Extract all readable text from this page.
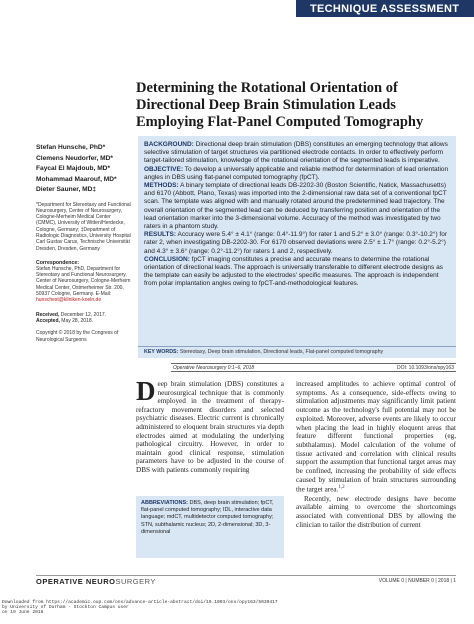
TECHNIQUE ASSESSMENT
Determining the Rotational Orientation of Directional Deep Brain Stimulation Leads Employing Flat-Panel Computed Tomography
Stefan Hunsche, PhD*
Clemens Neudorfer, MD*
Faycal El Majdoub, MD*
Mohammad Maarouf, MD*
Dieter Sauner, MD‡
*Department for Stereotaxy and Functional Neurosurgery, Center of Neurosurgery, Cologne-Merheim Medical Center (CMMC), University of Witten/Herdecke, Cologne, Germany; ‡Department of Radiologic Diagnostics, University Hospital Carl Gustav Carus, Technische Universität Dresden, Dresden, Germany
Correspondence:
Stefan Hunsche, PhD, Department for Stereotaxy and Functional Neurosurgery, Center of Neurosurgery, Cologne-Merheim Medical Center, Ostmerheimer Str. 200, 50937 Cologne, Germany. E-Mail: hunschest@kliniken-koeln.de
Received, December 12, 2017.
Accepted, May 28, 2018.
Copyright © 2018 by the Congress of Neurological Surgeons

BACKGROUND: Directional deep brain stimulation (DBS) constitutes an emerging technology that allows selective stimulation of target structures via partitioned electrode contacts. In order to effectively perform target-tailored stimulation, knowledge of the rotational orientation of the segmented leads is imperative.

OBJECTIVE: To develop a universally applicable and reliable method for determination of lead orientation angles in DBS using flat-panel computed tomography (fpCT).

METHODS: A binary template of directional leads DB-2202-30 (Boston Scientific, Natick, Massachusetts) and 6170 (Abbott, Plano, Texas) was imported into the 2-dimensional raw data set of a conventional fpCT scan. The template was aligned with and manually rotated around the predetermined lead trajectory. The overall orientation of the segmented lead can be deduced by transferring position and orientation of the lead orientation marker into the 3-dimensional volume. Accuracy of the method was investigated by two raters in a phantom study.

RESULTS: Accuracy were 5.4° ± 4.1° (range: 0.4°-11.9°) for rater 1 and 5.2° ± 3.0° (range: 0.3°-10.2°) for rater 2, when investigating DB-2202-30. For 6170 observed deviations were 2.5° ± 1.7° (range: 0.2°-5.2°) and 4.3° ± 3.6° (range: 0.2°-11.2°) for raters 1 and 2, respectively.

CONCLUSION: fpCT imaging constitutes a precise and accurate means to determine the rotational orientation of directional leads. The approach is universally transferable to different electrode designs as the template can easily be adjusted to the electrodes' specific measures. The approach is independent from polar implantation angles owing to fpCT-and-methodological features.

KEY WORDS: Stereotaxy, Deep brain stimulation, Directional leads, Flat-panel computed tomography
Operative Neurosurgery 0:1–6, 2018	DOI: 10.1093/ons/opy163
Deep brain stimulation (DBS) constitutes a neurosurgical technique that is commonly employed in the treatment of therapy-refractory movement disorders and selected psychiatric diseases. Electric current is chronically administered to eloquent brain structures via depth electrodes aimed at modulating the underlying pathological circuitry. However, in order to maintain good clinical response, stimulation parameters have to be adjusted in the course of DBS with patients commonly requiring
ABBREVIATIONS: DBS, deep brain stimulation; fpCT, flat-panel computed tomography; IDL, interactive data language; mdCT, multidetector computed tomography; STN, subthalamic nucleus; 2D, 2-dimensional; 3D, 3-dimensional
increased amplitudes to achieve optimal control of symptoms. As a consequence, side-effects owing to stimulation adjustments may significantly limit patient outcome as the technology's full potential may not be exploited. Moreover, adverse events are likely to occur when placing the lead in highly eloquent areas that feature different functional properties (eg, subthalamus). Model calculation of the volume of tissue activated and correlation with clinical results support the assumption that functional target areas may be confined, increasing the probability of side effects caused by stimulation of brain structures surrounding the target area.$^{1,2}$
Recently, new electrode designs have become available aiming to overcome the shortcomings associated with conventional DBS by allowing the clinician to tailor the distribution of current
OPERATIVE NEUROSURGERY	VOLUME 0 | NUMBER 0 | 2018 | 1
Downloaded from https://academic.oup.com/ons/advance-article-abstract/doi/10.1093/ons/opy163/5039417
by University of Durham - Stockton Campus user
on 19 June 2018
